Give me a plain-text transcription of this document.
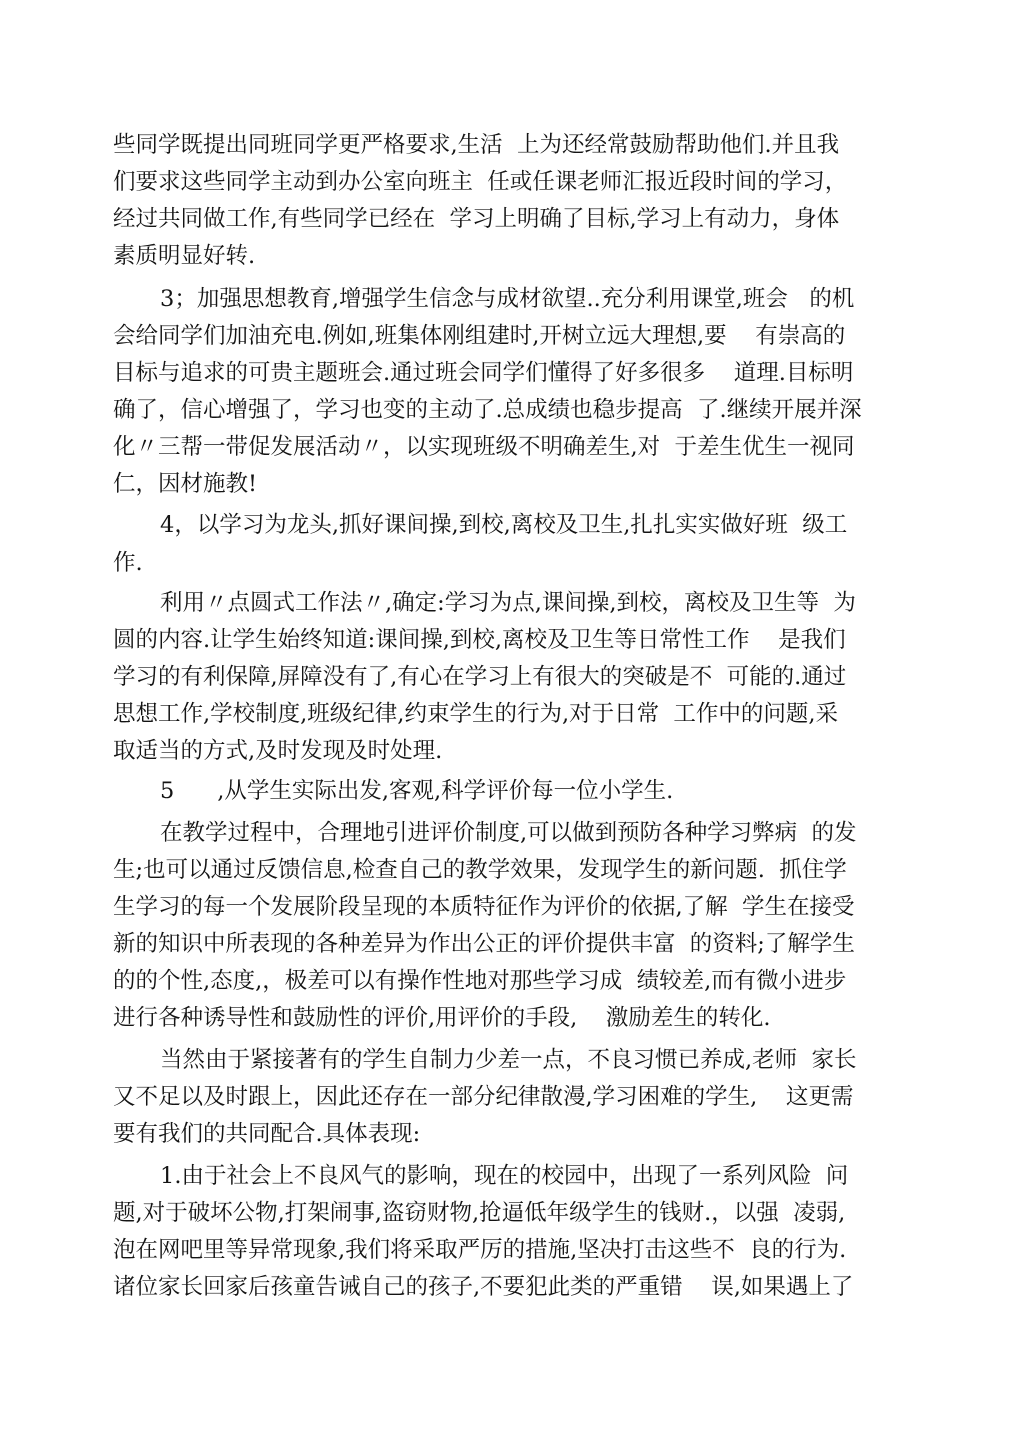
些同学既提出同班同学更严格要求,生活  上为还经常鼓励帮助他们.并且我
们要求这些同学主动到办公室向班主  任或任课老师汇报近段时间的学习，
经过共同做工作,有些同学已经在  学习上明确了目标,学习上有动力，身体
素质明显好转.
3；加强思想教育,增强学生信念与成材欲望..充分利用课堂,班会   的机
会给同学们加油充电.例如,班集体刚组建时,开树立远大理想,要    有崇高的
目标与追求的可贵主题班会.通过班会同学们懂得了好多很多    道理.目标明
确了，信心增强了，学习也变的主动了.总成绩也稳步提高  了.继续开展并深
化〃三帮一带促发展活动〃，以实现班级不明确差生,对  于差生优生一视同
仁，因材施教!
4，以学习为龙头,抓好课间操,到校,离校及卫生,扎扎实实做好班  级工
作.
利用〃点圆式工作法〃,确定:学习为点,课间操,到校，离校及卫生等  为
圆的内容.让学生始终知道:课间操,到校,离校及卫生等日常性工作    是我们
学习的有利保障,屏障没有了,有心在学习上有很大的突破是不  可能的.通过
思想工作,学校制度,班级纪律,约束学生的行为,对于日常  工作中的问题,采
取适当的方式,及时发现及时处理.
5      ,从学生实际出发,客观,科学评价每一位小学生.
在教学过程中，合理地引进评价制度,可以做到预防各种学习弊病  的发
生;也可以通过反馈信息,检查自己的教学效果，发现学生的新问题.  抓住学
生学习的每一个发展阶段呈现的本质特征作为评价的依据,了解  学生在接受
新的知识中所表现的各种差异为作出公正的评价提供丰富  的资料;了解学生
的的个性,态度,，极差可以有操作性地对那些学习成  绩较差,而有微小进步
进行各种诱导性和鼓励性的评价,用评价的手段,    激励差生的转化.
当然由于紧接著有的学生自制力少差一点，不良习惯已养成,老师  家长
又不足以及时跟上，因此还存在一部分纪律散漫,学习困难的学生,    这更需
要有我们的共同配合.具体表现:
1.由于社会上不良风气的影响，现在的校园中，出现了一系列风险  问
题,对于破坏公物,打架闹事,盗窃财物,抢逼低年级学生的钱财.，以强  凌弱,
泡在网吧里等异常现象,我们将采取严厉的措施,坚决打击这些不  良的行为.
诸位家长回家后孩童告诫自己的孩子,不要犯此类的严重错    误,如果遇上了
